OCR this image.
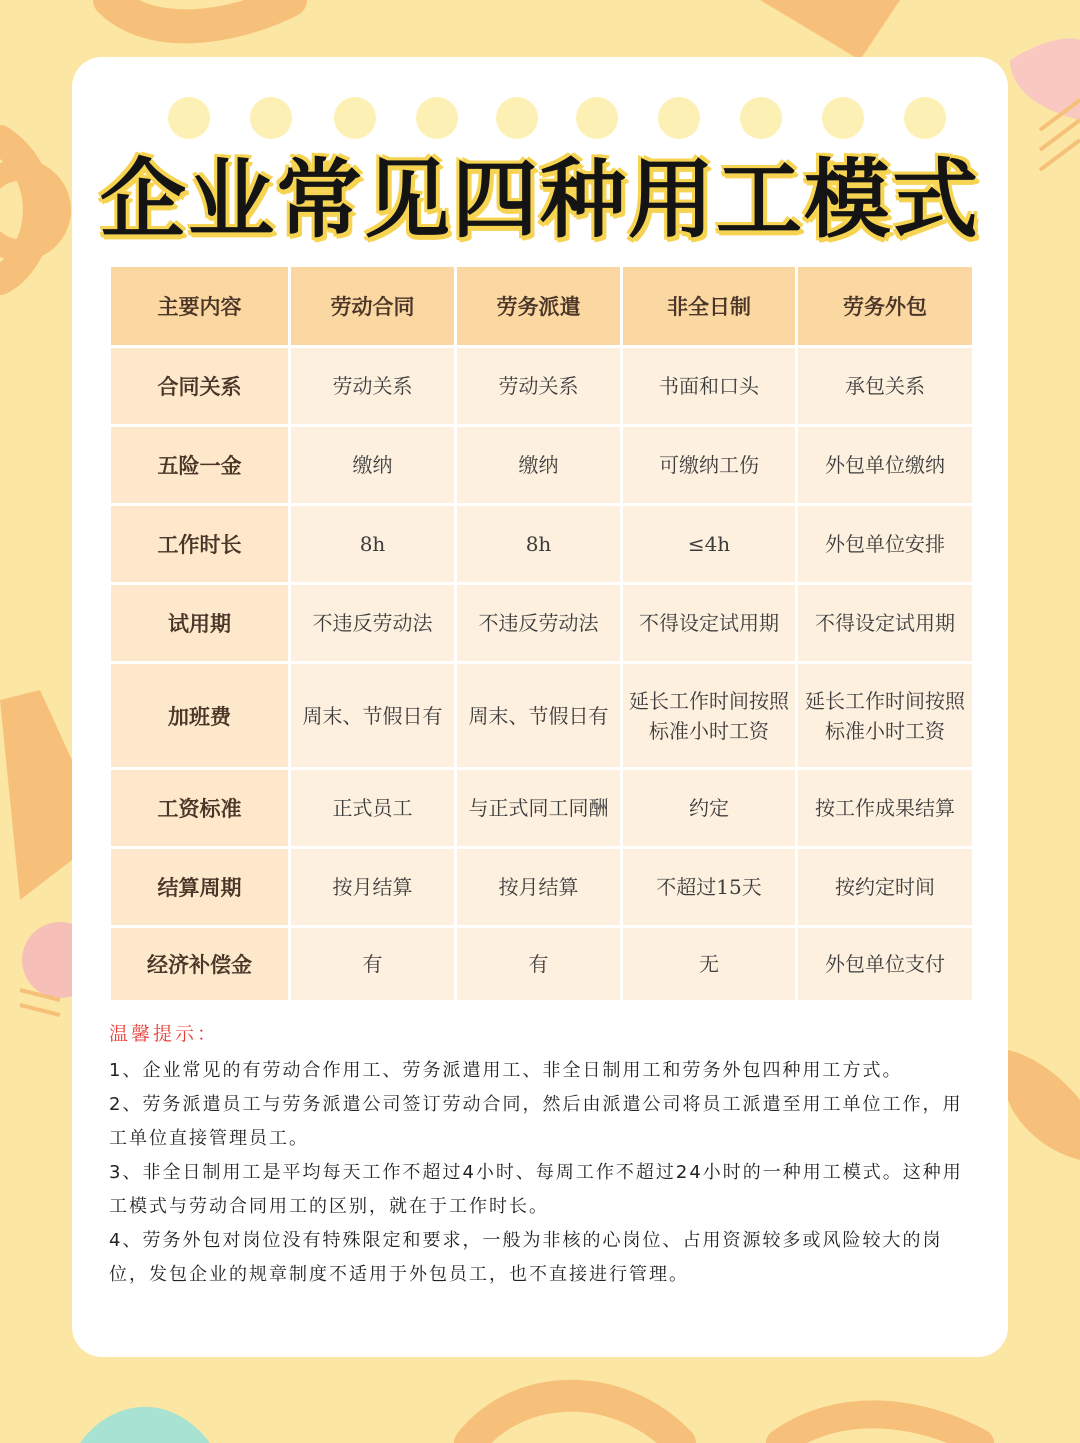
企业常见四种用工模式
主要内容	劳动合同	劳务派遣	非全日制	劳务外包
合同关系	劳动关系	劳动关系	书面和口头	承包关系
五险一金	缴纳	缴纳	可缴纳工伤	外包单位缴纳
工作时长	8h	8h	≤4h	外包单位安排
试用期	不违反劳动法	不违反劳动法	不得设定试用期	不得设定试用期
加班费	周末、节假日有	周末、节假日有	延长工作时间按照标准小时工资	延长工作时间按照标准小时工资
工资标准	正式员工	与正式同工同酬	约定	按工作成果结算
结算周期	按月结算	按月结算	不超过15天	按约定时间
经济补偿金	有	有	无	外包单位支付
温馨提示：

1、企业常见的有劳动合作用工、劳务派遣用工、非全日制用工和劳务外包四种用工方式。

2、劳务派遣员工与劳务派遣公司签订劳动合同，然后由派遣公司将员工派遣至用工单位工作，用工单位直接管理员工。

3、非全日制用工是平均每天工作不超过4小时、每周工作不超过24小时的一种用工模式。这种用工模式与劳动合同用工的区别，就在于工作时长。

4、劳务外包对岗位没有特殊限定和要求，一般为非核的心岗位、占用资源较多或风险较大的岗位，发包企业的规章制度不适用于外包员工，也不直接进行管理。
